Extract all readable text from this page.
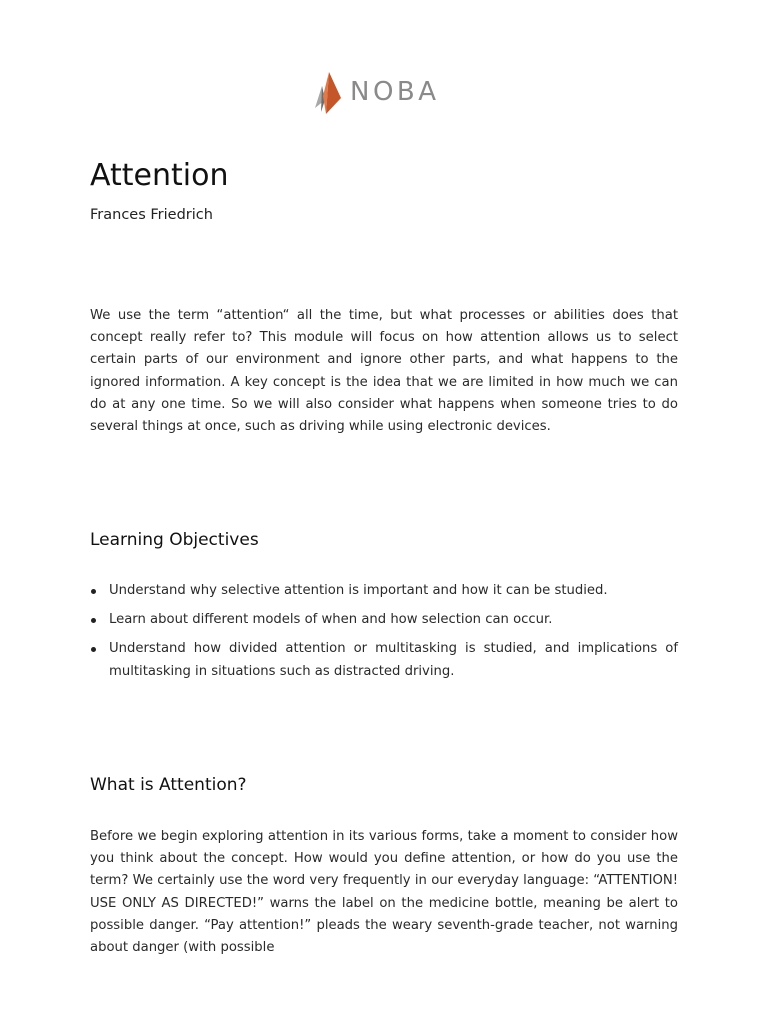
NOBA
Attention

Frances Friedrich

We use the term “attention“ all the time, but what processes or abilities does that concept really refer to? This module will focus on how attention allows us to select certain parts of our environment and ignore other parts, and what happens to the ignored information. A key concept is the idea that we are limited in how much we can do at any one time. So we will also consider what happens when someone tries to do several things at once, such as driving while using electronic devices.

Learning Objectives
Understand why selective attention is important and how it can be studied.
Learn about different models of when and how selection can occur.
Understand how divided attention or multitasking is studied, and implications of multitasking in situations such as distracted driving.
What is Attention?

Before we begin exploring attention in its various forms, take a moment to consider how you think about the concept. How would you define attention, or how do you use the term? We certainly use the word very frequently in our everyday language: “ATTENTION! USE ONLY AS DIRECTED!” warns the label on the medicine bottle, meaning be alert to possible danger. “Pay attention!” pleads the weary seventh-grade teacher, not warning about danger (with possible
